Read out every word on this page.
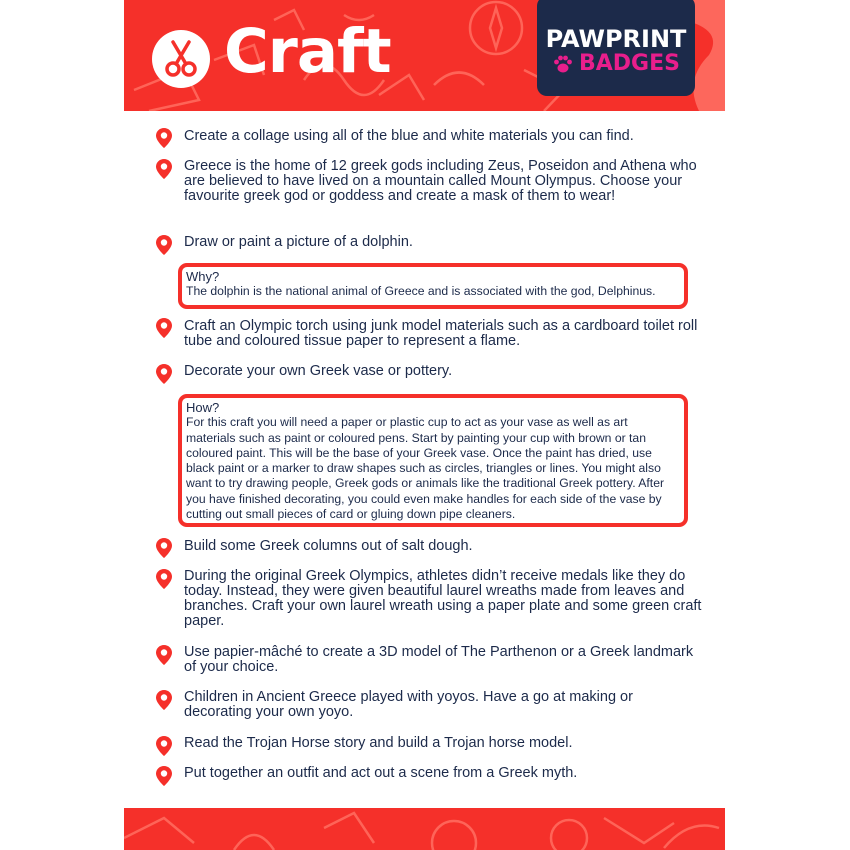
Craft	PAWPRINT
BADGES
Create a collage using all of the blue and white materials you can find.
Greece is the home of 12 greek gods including Zeus, Poseidon and Athena who are believed to have lived on a mountain called Mount Olympus. Choose your favourite greek god or goddess and create a mask of them to wear!
Draw or paint a picture of a dolphin.
Why?
The dolphin is the national animal of Greece and is associated with the god, Delphinus.
Craft an Olympic torch using junk model materials such as a cardboard toilet roll tube and coloured tissue paper to represent a flame.
Decorate your own Greek vase or pottery.
How?
For this craft you will need a paper or plastic cup to act as your vase as well as art materials such as paint or coloured pens. Start by painting your cup with brown or tan coloured paint. This will be the base of your Greek vase. Once the paint has dried, use black paint or a marker to draw shapes such as circles, triangles or lines. You might also want to try drawing people, Greek gods or animals like the traditional Greek pottery. After you have finished decorating, you could even make handles for each side of the vase by cutting out small pieces of card or gluing down pipe cleaners.
Build some Greek columns out of salt dough.
During the original Greek Olympics, athletes didn’t receive medals like they do today. Instead, they were given beautiful laurel wreaths made from leaves and branches. Craft your own laurel wreath using a paper plate and some green craft paper.
Use papier-mâché to create a 3D model of The Parthenon or a Greek landmark of your choice.
Children in Ancient Greece played with yoyos. Have a go at making or decorating your own yoyo.
Read the Trojan Horse story and build a Trojan horse model.
Put together an outfit and act out a scene from a Greek myth.
